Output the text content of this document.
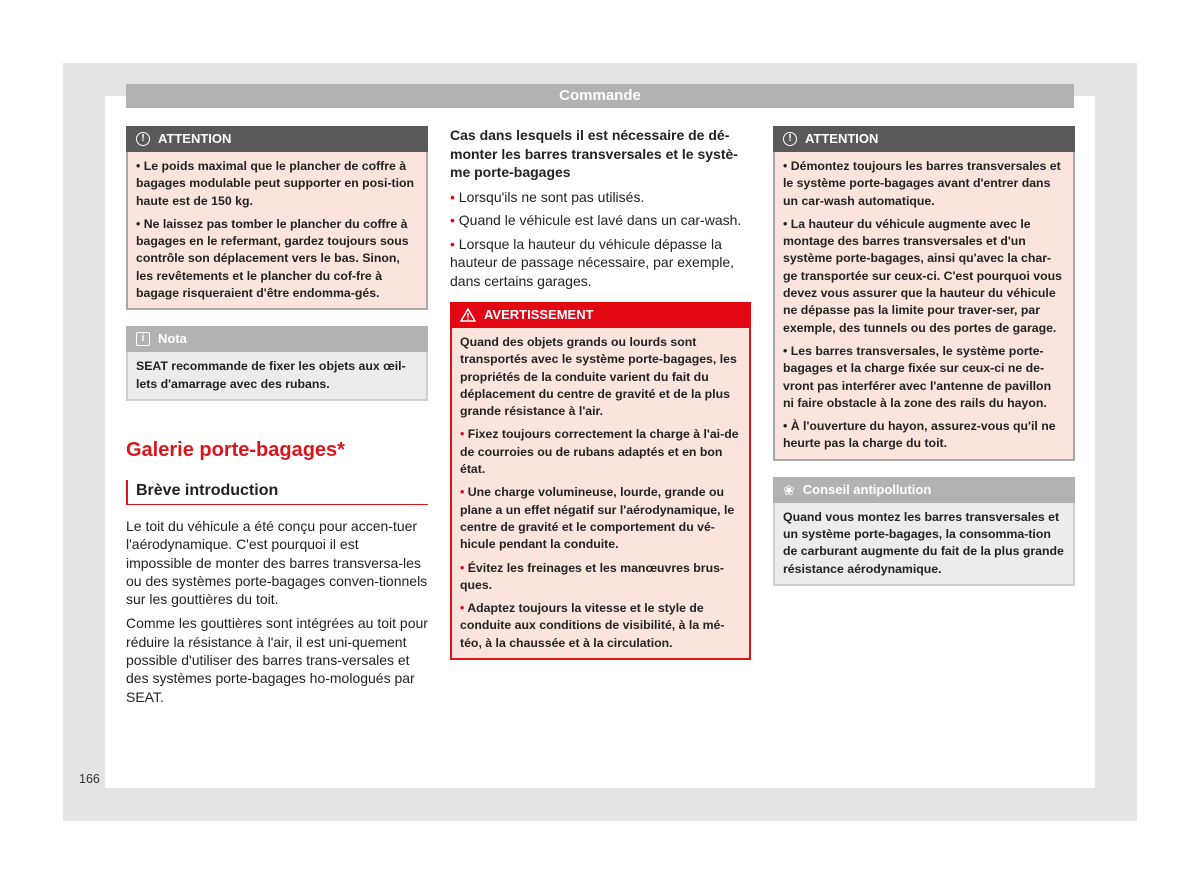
Commande
!	ATTENTION

• Le poids maximal que le plancher de coffre à bagages modulable peut supporter en posi-tion haute est de 150 kg.

• Ne laissez pas tomber le plancher du coffre à bagages en le refermant, gardez toujours sous contrôle son déplacement vers le bas. Sinon, les revêtements et le plancher du cof-fre à bagage risqueraient d'être endomma-gés.

i	Nota
SEAT recommande de fixer les objets aux œil-lets d'amarrage avec des rubans.
Galerie porte-bagages*
Brève introduction

Le toit du véhicule a été conçu pour accen-tuer l'aérodynamique. C'est pourquoi il est impossible de monter des barres transversa-les ou des systèmes porte-bagages conven-tionnels sur les gouttières du toit.

Comme les gouttières sont intégrées au toit pour réduire la résistance à l'air, il est uni-quement possible d'utiliser des barres trans-versales et des systèmes porte-bagages ho-mologués par SEAT.

Cas dans lesquels il est nécessaire de dé-monter les barres transversales et le systè-me porte-bagages

• Lorsqu'ils ne sont pas utilisés.

• Quand le véhicule est lavé dans un car-wash.

• Lorsque la hauteur du véhicule dépasse la hauteur de passage nécessaire, par exemple, dans certains garages.

AVERTISSEMENT

Quand des objets grands ou lourds sont transportés avec le système porte-bagages, les propriétés de la conduite varient du fait du déplacement du centre de gravité et de la plus grande résistance à l'air.

• Fixez toujours correctement la charge à l'ai-de de courroies ou de rubans adaptés et en bon état.

• Une charge volumineuse, lourde, grande ou plane a un effet négatif sur l'aérodynamique, le centre de gravité et le comportement du vé-hicule pendant la conduite.

• Évitez les freinages et les manœuvres brus-ques.

• Adaptez toujours la vitesse et le style de conduite aux conditions de visibilité, à la mé-téo, à la chaussée et à la circulation.

!	ATTENTION

• Démontez toujours les barres transversales et le système porte-bagages avant d'entrer dans un car-wash automatique.

• La hauteur du véhicule augmente avec le montage des barres transversales et d'un système porte-bagages, ainsi qu'avec la char-ge transportée sur ceux-ci. C'est pourquoi vous devez vous assurer que la hauteur du véhicule ne dépasse pas la limite pour traver-ser, par exemple, des tunnels ou des portes de garage.

• Les barres transversales, le système porte-bagages et la charge fixée sur ceux-ci ne de-vront pas interférer avec l'antenne de pavillon ni faire obstacle à la zone des rails du hayon.

• À l'ouverture du hayon, assurez-vous qu'il ne heurte pas la charge du toit.

❀ Conseil antipollution
Quand vous montez les barres transversales et un système porte-bagages, la consomma-tion de carburant augmente du fait de la plus grande résistance aérodynamique.
166
